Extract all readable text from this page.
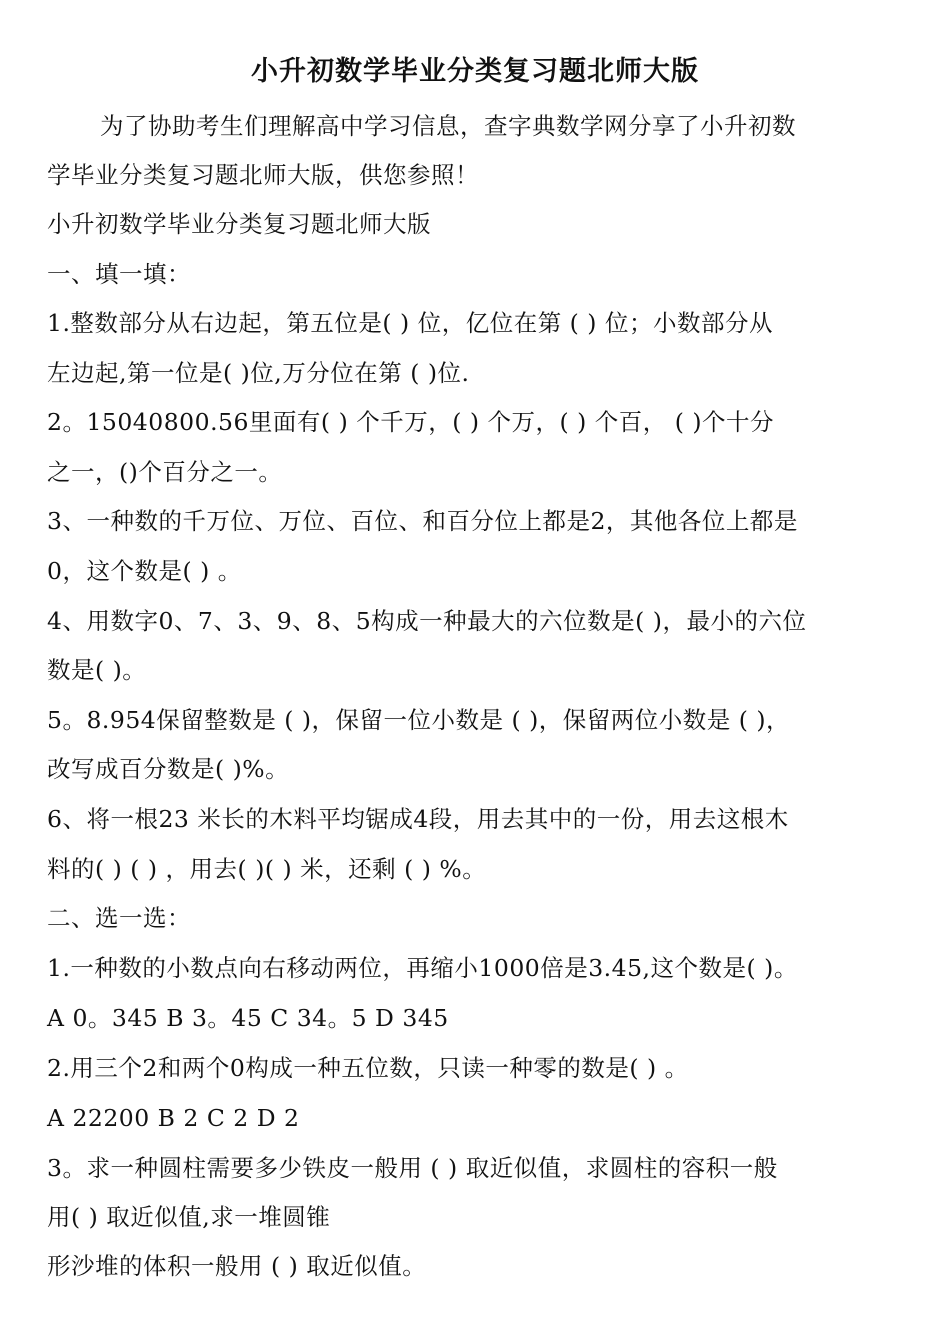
小升初数学毕业分类复习题北师大版
为了协助考生们理解高中学习信息，查字典数学网分享了小升初数
学毕业分类复习题北师大版，供您参照！
小升初数学毕业分类复习题北师大版
一、填一填：
1.整数部分从右边起，第五位是( ) 位，亿位在第 ( ) 位；小数部分从
左边起,第一位是( )位,万分位在第 ( )位.
2。15040800.56里面有( ) 个千万，( ) 个万，( ) 个百， ( )个十分
之一，()个百分之一。
3、一种数的千万位、万位、百位、和百分位上都是2，其他各位上都是
0，这个数是( ) 。
4、用数字0、7、3、9、8、5构成一种最大的六位数是( )，最小的六位
数是( )。
5。8.954保留整数是 ( )，保留一位小数是 ( )，保留两位小数是 ( )，
改写成百分数是( )%。
6、将一根23 米长的木料平均锯成4段，用去其中的一份，用去这根木
料的( ) ( ) ，用去( )( ) 米，还剩 ( ) %。
二、选一选：
1.一种数的小数点向右移动两位，再缩小1000倍是3.45,这个数是( )。
A 0。345 B 3。45 C 34。5 D 345
2.用三个2和两个0构成一种五位数，只读一种零的数是( ) 。
A 22200 B 2 C 2 D 2
3。求一种圆柱需要多少铁皮一般用 ( ) 取近似值，求圆柱的容积一般
用( ) 取近似值,求一堆圆锥
形沙堆的体积一般用 ( ) 取近似值。
